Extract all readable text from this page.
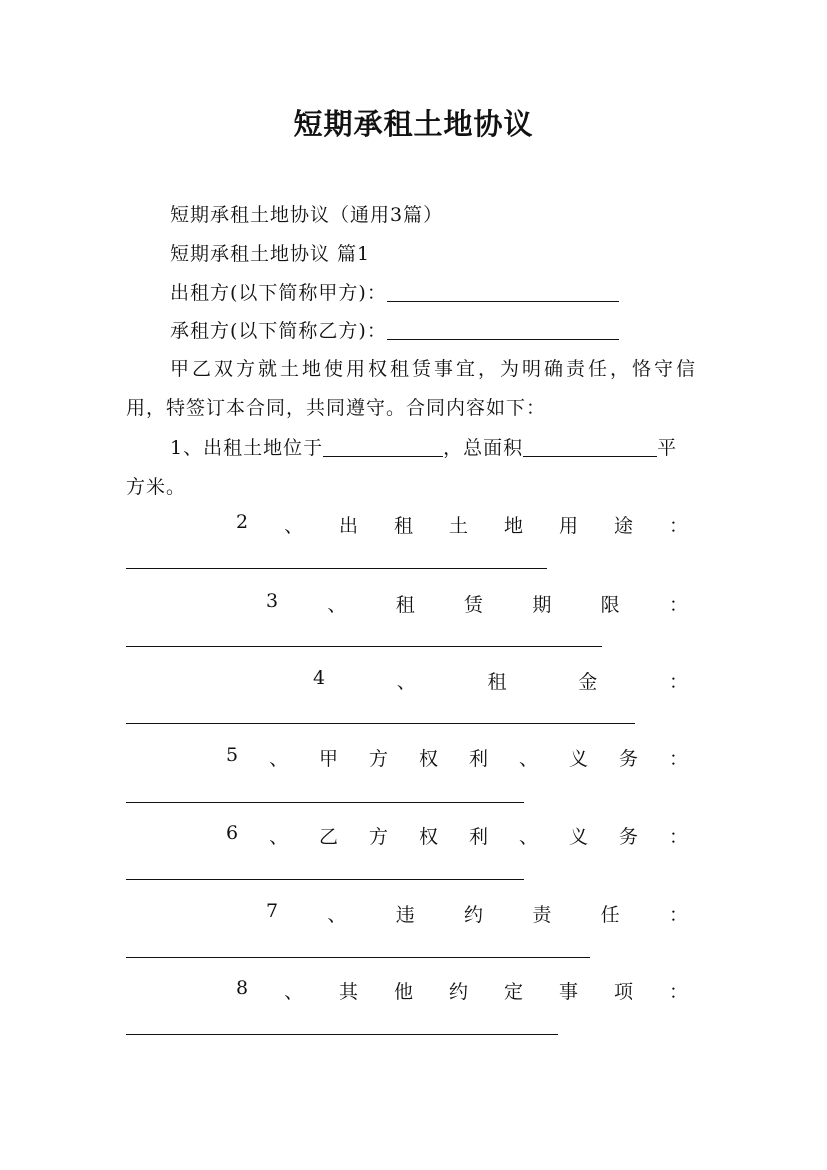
短期承租土地协议
短期承租土地协议（通用3篇）
短期承租土地协议 篇1
出租方(以下简称甲方)：
承租方(以下简称乙方)：
甲乙双方就土地使用权租赁事宜，为明确责任，恪守信
用，特签订本合同，共同遵守。合同内容如下：
1、出租土地位于	，总面积	平
方米。
2 、 出 租 土 地 用 途 ：
3	、	租	赁	期	限	：
4	、	租	金	：
5 、 甲 方 权 利 、 义 务 ：
6 、 乙 方 权 利 、 义 务 ：
7	、	违	约	责	任	：
8 、 其 他 约 定 事 项 ：
